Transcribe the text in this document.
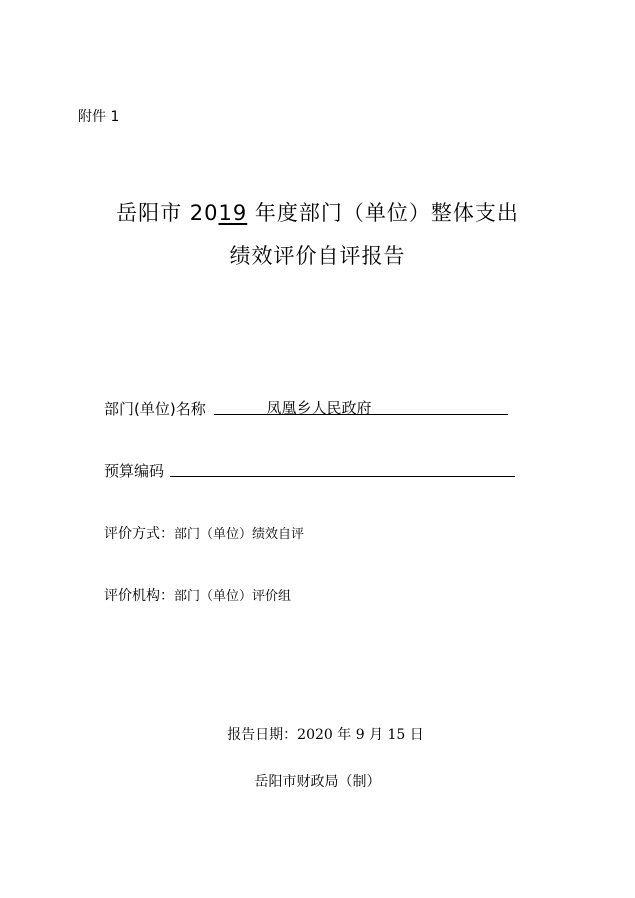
附件 1
岳阳市 2019 年度部门（单位）整体支出
绩效评价自评报告
部门(单位)名称	凤凰乡人民政府
预算编码
评价方式：部门（单位）绩效自评
评价机构：部门（单位）评价组
报告日期：2020 年 9 月 15 日
岳阳市财政局（制）
